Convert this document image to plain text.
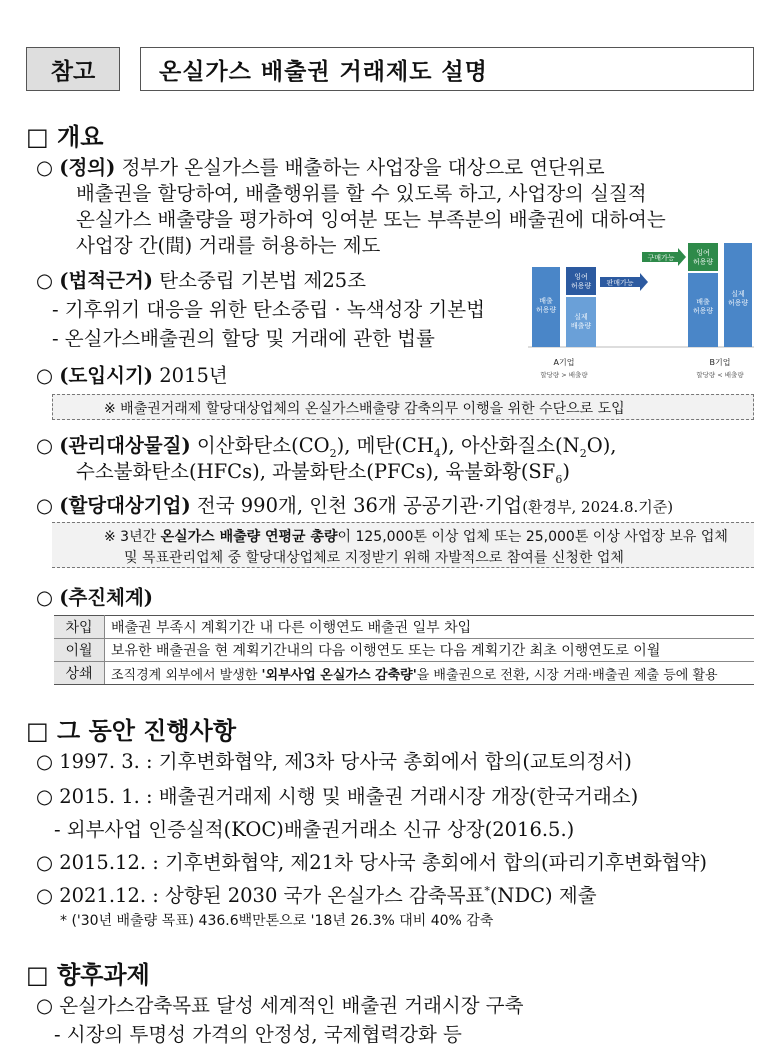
참고	온실가스 배출권 거래제도 설명
□ 개요
○ (정의) 정부가 온실가스를 배출하는 사업장을 대상으로 연단위로
배출권을 할당하여, 배출행위를 할 수 있도록 하고, 사업장의 실질적
온실가스 배출량을 평가하여 잉여분 또는 부족분의 배출권에 대하여는
사업장 간(間) 거래를 허용하는 제도
○ (법적근거) 탄소중립 기본법 제25조
- 기후위기 대응을 위한 탄소중립 · 녹색성장 기본법
- 온실가스배출권의 할당 및 거래에 관한 법률
배출
허용량
잉여
허용량
실제
배출량
판매가능
구매가능
잉여
허용량
배출
허용량
실제
허용량
A기업
할당량 > 배출량
B기업
할당량 < 배출량
○ (도입시기) 2015년
※ 배출권거래제 할당대상업체의 온실가스배출량 감축의무 이행을 위한 수단으로 도입
○ (관리대상물질) 이산화탄소$(CO_2)$, 메탄$(CH_4)$, 아산화질소$(N_2O)$,
수소불화탄소(HFCs), 과불화탄소(PFCs), 육불화황$(SF_6)$
○ (할당대상기업) 전국 990개, 인천 36개 공공기관·기업(환경부, 2024.8.기준)
※ 3년간 온실가스 배출량 연평균 총량이 125,000톤 이상 업체 또는 25,000톤 이상 사업장 보유 업체
및 목표관리업체 중 할당대상업체로 지정받기 위해 자발적으로 참여를 신청한 업체
○ (추진체계)
차입	배출권 부족시 계획기간 내 다른 이행연도 배출권 일부 차입
이월	보유한 배출권을 현 계획기간내의 다음 이행연도 또는 다음 계획기간 최초 이행연도로 이월
상쇄	조직경계 외부에서 발생한 '외부사업 온실가스 감축량'을 배출권으로 전환, 시장 거래·배출권 제출 등에 활용
□ 그 동안 진행사항
○ 1997. 3. : 기후변화협약, 제3차 당사국 총회에서 합의(교토의정서)
○ 2015. 1. : 배출권거래제 시행 및 배출권 거래시장 개장(한국거래소)
- 외부사업 인증실적(KOC)배출권거래소 신규 상장(2016.5.)
○ 2015.12. : 기후변화협약, 제21차 당사국 총회에서 합의(파리기후변화협약)
○ 2021.12. : 상향된 2030 국가 온실가스 감축목표*(NDC) 제출
* ('30년 배출량 목표) 436.6백만톤으로 '18년 26.3% 대비 40% 감축
□ 향후과제
○ 온실가스감축목표 달성 세계적인 배출권 거래시장 구축
- 시장의 투명성 가격의 안정성, 국제협력강화 등
